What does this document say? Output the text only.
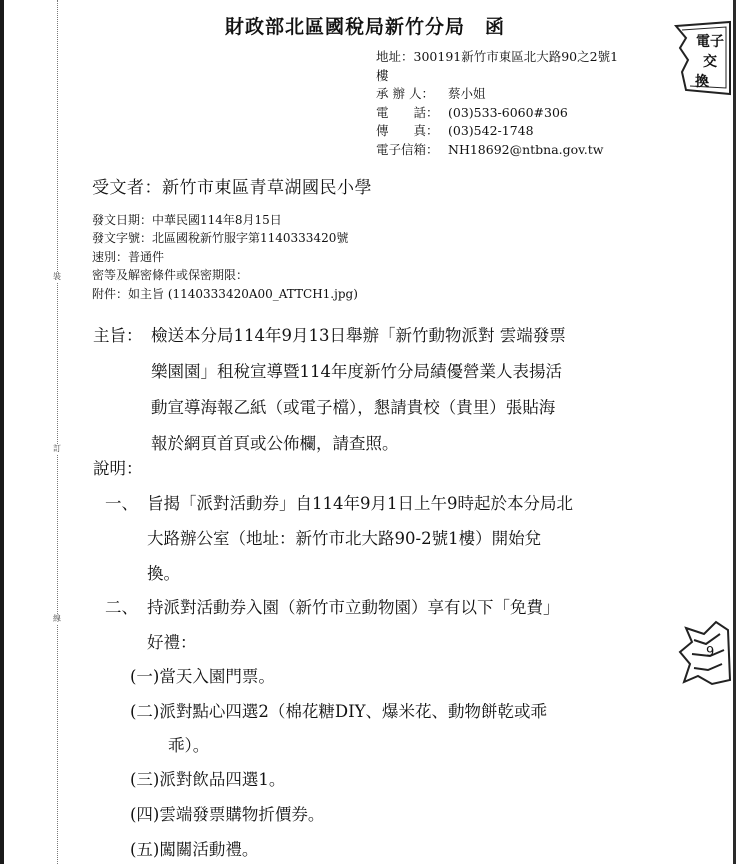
裝
訂
線
財政部北區國稅局新竹分局　函
地址：300191新竹市東區北大路90之2號1
樓
承 辦 人： 蔡小姐
電　　話： (03)533-6060#306
傳　　真： (03)542-1748
電子信箱： NH18692@ntbna.gov.tw
電子
交
換
9
受文者：新竹市東區青草湖國民小學
發文日期：中華民國114年8月15日
發文字號：北區國稅新竹服字第1140333420號
速別：普通件
密等及解密條件或保密期限：
附件：如主旨 (1140333420A00_ATTCH1.jpg)
主旨： 檢送本分局114年9月13日舉辦「新竹動物派對 雲端發票
樂園園」租稅宣導暨114年度新竹分局績優營業人表揚活
動宣導海報乙紙（或電子檔），懇請貴校（貴里）張貼海
報於網頁首頁或公佈欄，請查照。
說明：
一、 旨揭「派對活動券」自114年9月1日上午9時起於本分局北
大路辦公室（地址：新竹市北大路90-2號1樓）開始兌
換。
二、 持派對活動券入園（新竹市立動物園）享有以下「免費」
好禮：
(一)當天入園門票。
(二)派對點心四選2（棉花糖DIY、爆米花、動物餅乾或乖
乖）。
(三)派對飲品四選1。
(四)雲端發票購物折價券。
(五)闖關活動禮。
